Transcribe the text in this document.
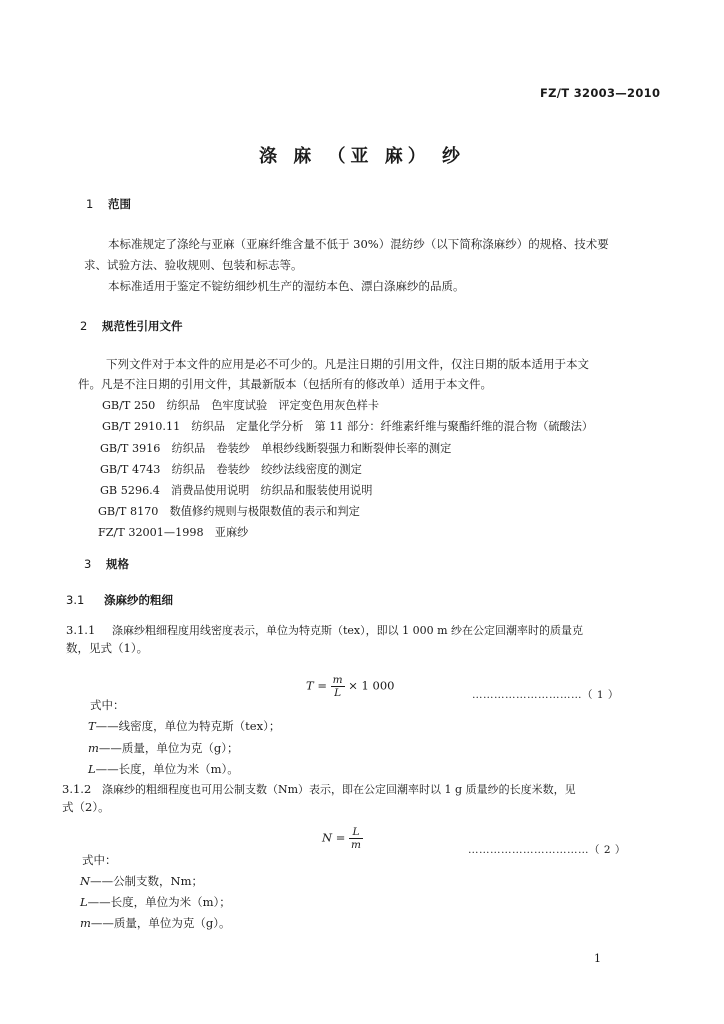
FZ/T 32003—2010
涤 麻 （亚 麻） 纱
1 范围
本标准规定了涤纶与亚麻（亚麻纤维含量不低于 30%）混纺纱（以下简称涤麻纱）的规格、技术要
求、试验方法、验收规则、包装和标志等。
本标准适用于鉴定不锭纺细纱机生产的湿纺本色、漂白涤麻纱的品质。
2 规范性引用文件
下列文件对于本文件的应用是必不可少的。凡是注日期的引用文件，仅注日期的版本适用于本文
件。凡是不注日期的引用文件，其最新版本（包括所有的修改单）适用于本文件。
GB/T 250　纺织品　色牢度试验　评定变色用灰色样卡
GB/T 2910.11　纺织品　定量化学分析　第 11 部分：纤维素纤维与聚酯纤维的混合物（硫酸法）
GB/T 3916　纺织品　卷装纱　单根纱线断裂强力和断裂伸长率的测定
GB/T 4743　纺织品　卷装纱　绞纱法线密度的测定
GB 5296.4　消费品使用说明　纺织品和服装使用说明
GB/T 8170　数值修约规则与极限数值的表示和判定
FZ/T 32001—1998　亚麻纱
3 规格
3.1 涤麻纱的粗细
3.1.1 涤麻纱粗细程度用线密度表示，单位为特克斯（tex），即以 1 000 m 纱在公定回潮率时的质量克
数，见式（1）。
$T = \frac{m}{L} \times 1$ 000
…………………………（ 1 ）
式中：
T——线密度，单位为特克斯（tex）；
m——质量，单位为克（g）；
L——长度，单位为米（m）。
3.1.2 涤麻纱的粗细程度也可用公制支数（Nm）表示，即在公定回潮率时以 1 g 质量纱的长度米数，见
式（2）。
$N = \frac{L}{m}$	……………………………（ 2 ）
式中：
N——公制支数，Nm；
L——长度，单位为米（m）；
m——质量，单位为克（g）。
1
